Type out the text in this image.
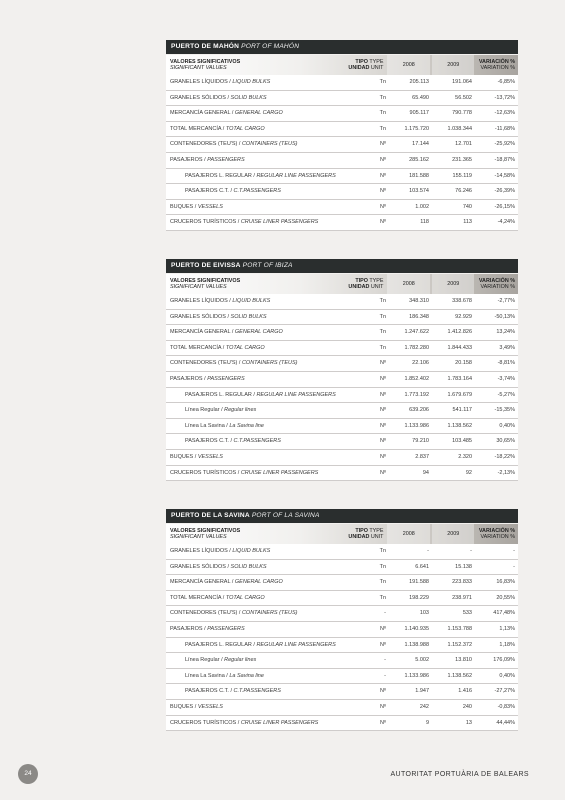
PUERTO DE MAHÓN PORT OF MAHÓN
VALORES SIGNIFICATIVOS
SIGNIFICANT VALUES
TIPO TYPE
UNIDAD UNIT	2008	2009	VARIACIÓN %
VARIATION %
GRANELES LÍQUIDOS / LIQUID BULKS	Tn	205.113	191.064	-6,85%
GRANELES SÓLIDOS / SOLID BULKS	Tn	65.490	56.502	-13,72%
MERCANCÍA GENERAL / GENERAL CARGO	Tn	905.117	790.778	-12,63%
TOTAL MERCANCÍA / TOTAL CARGO	Tn	1.175.720	1.038.344	-11,68%
CONTENEDORES (TEU'S) / CONTAINERS (TEUS)	Nº	17.144	12.701	-25,92%
PASAJEROS / PASSENGERS	Nº	285.162	231.365	-18,87%
PASAJEROS L. REGULAR / REGULAR LINE PASSENGERS	Nº	181.588	155.119	-14,58%
PASAJEROS C.T. / C.T.PASSENGERS	Nº	103.574	76.246	-26,39%
BUQUES / VESSELS	Nº	1.002	740	-26,15%
CRUCEROS TURÍSTICOS / CRUISE LINER PASSENGERS	Nº	118	113	-4,24%
PUERTO DE EIVISSA PORT OF IBIZA
VALORES SIGNIFICATIVOS
SIGNIFICANT VALUES
TIPO TYPE
UNIDAD UNIT	2008	2009	VARIACIÓN %
VARIATION %
GRANELES LÍQUIDOS / LIQUID BULKS	Tn	348.310	338.678	-2,77%
GRANELES SÓLIDOS / SOLID BULKS	Tn	186.348	92.929	-50,13%
MERCANCÍA GENERAL / GENERAL CARGO	Tn	1.247.622	1.412.826	13,24%
TOTAL MERCANCÍA / TOTAL CARGO	Tn	1.782.280	1.844.433	3,49%
CONTENEDORES (TEU'S) / CONTAINERS (TEUS)	Nº	22.106	20.158	-8,81%
PASAJEROS / PASSENGERS	Nº	1.852.402	1.783.164	-3,74%
PASAJEROS L. REGULAR / REGULAR LINE PASSENGERS	Nº	1.773.192	1.679.679	-5,27%
Línea Regular / Regular lines	Nº	639.206	541.117	-15,35%
Línea La Savina / La Savina line	Nº	1.133.986	1.138.562	0,40%
PASAJEROS C.T. / C.T.PASSENGERS	Nº	79.210	103.485	30,65%
BUQUES / VESSELS	Nº	2.837	2.320	-18,22%
CRUCEROS TURÍSTICOS / CRUISE LINER PASSENGERS	Nº	94	92	-2,13%
PUERTO DE LA SAVINA PORT OF LA SAVINA
VALORES SIGNIFICATIVOS
SIGNIFICANT VALUES
TIPO TYPE
UNIDAD UNIT	2008	2009	VARIACIÓN %
VARIATION %
GRANELES LÍQUIDOS / LIQUID BULKS	Tn	-	-	-
GRANELES SÓLIDOS / SOLID BULKS	Tn	6.641	15.138	-
MERCANCÍA GENERAL / GENERAL CARGO	Tn	191.588	223.833	16,83%
TOTAL MERCANCÍA / TOTAL CARGO	Tn	198.229	238.971	20,55%
CONTENEDORES (TEU'S) / CONTAINERS (TEUS)	-	103	533	417,48%
PASAJEROS / PASSENGERS	Nº	1.140.935	1.153.788	1,13%
PASAJEROS L. REGULAR / REGULAR LINE PASSENGERS	Nº	1.138.988	1.152.372	1,18%
Línea Regular / Regular lines	-	5.002	13.810	176,09%
Línea La Savina / La Savina line	-	1.133.986	1.138.562	0,40%
PASAJEROS C.T. / C.T.PASSENGERS	Nº	1.947	1.416	-27,27%
BUQUES / VESSELS	Nº	242	240	-0,83%
CRUCEROS TURÍSTICOS / CRUISE LINER PASSENGERS	Nº	9	13	44,44%
24	AUTORITAT PORTUÀRIA DE BALEARS
